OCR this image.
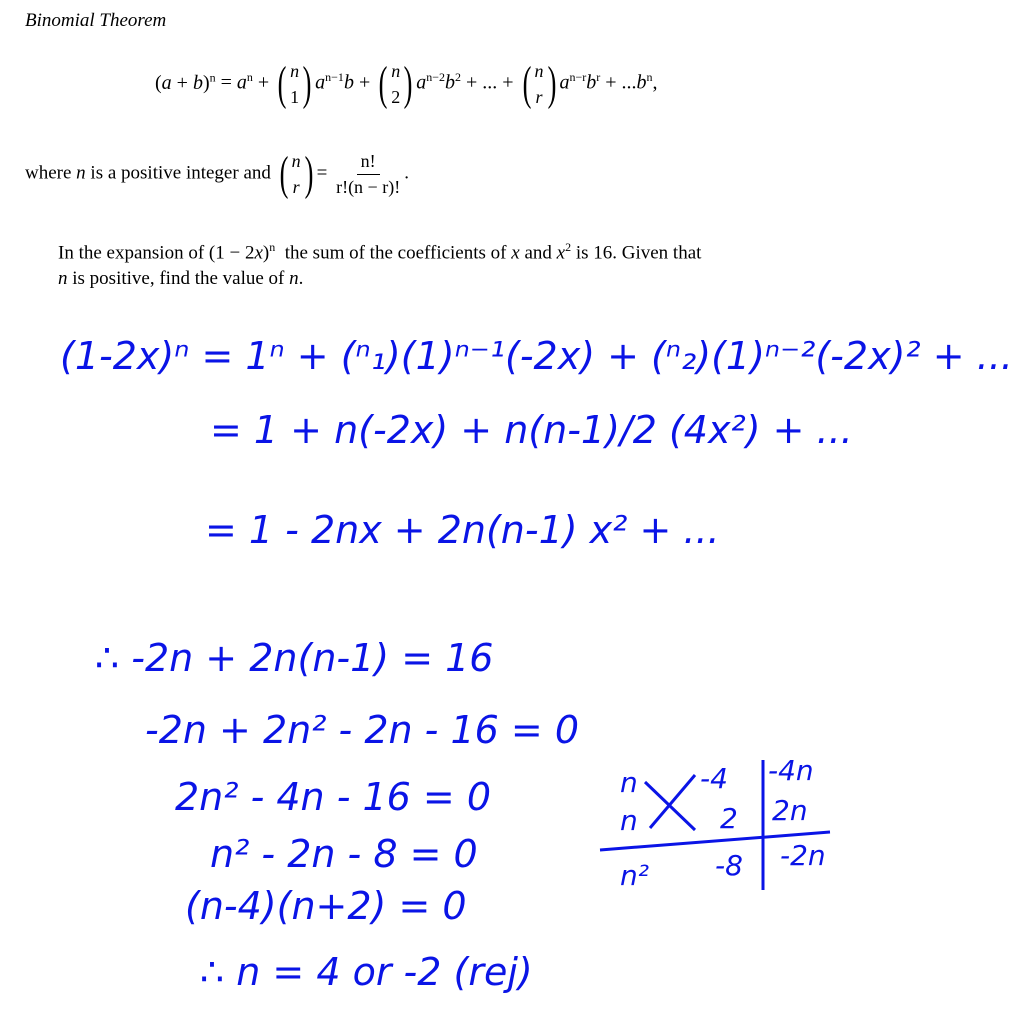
Binomial Theorem
$(a + b)^n = a^n$ + ( n
1 ) $a^{n-1}b$ + ( n
2 ) $a^{n-2}b^2$ + ... + ( n
r ) $a^{n-r}b^r + ...b^n$,
where n is a positive integer and ( n
r ) = $\frac{n!}{r!(n - r)!}$ .
In the expansion of $(1 - 2x)^n$  the sum of the coefficients of x and $x^2$ is 16. Given that
n is positive, find the value of n.
(1-2x)ⁿ = 1ⁿ + (ⁿ₁)(1)ⁿ⁻¹(-2x) + (ⁿ₂)(1)ⁿ⁻²(-2x)² + ...
= 1 + n(-2x) + n(n-1)/2 (4x²) + ...
= 1 - 2nx + 2n(n-1) x² + ...
∴ -2n + 2n(n-1) = 16
-2n + 2n² - 2n - 16 = 0
2n² - 4n - 16 = 0
n² - 2n - 8 = 0
(n-4)(n+2) = 0
∴ n = 4 or -2 (rej)
n
n
-4
2
-4n
2n
n² -8 -2n
